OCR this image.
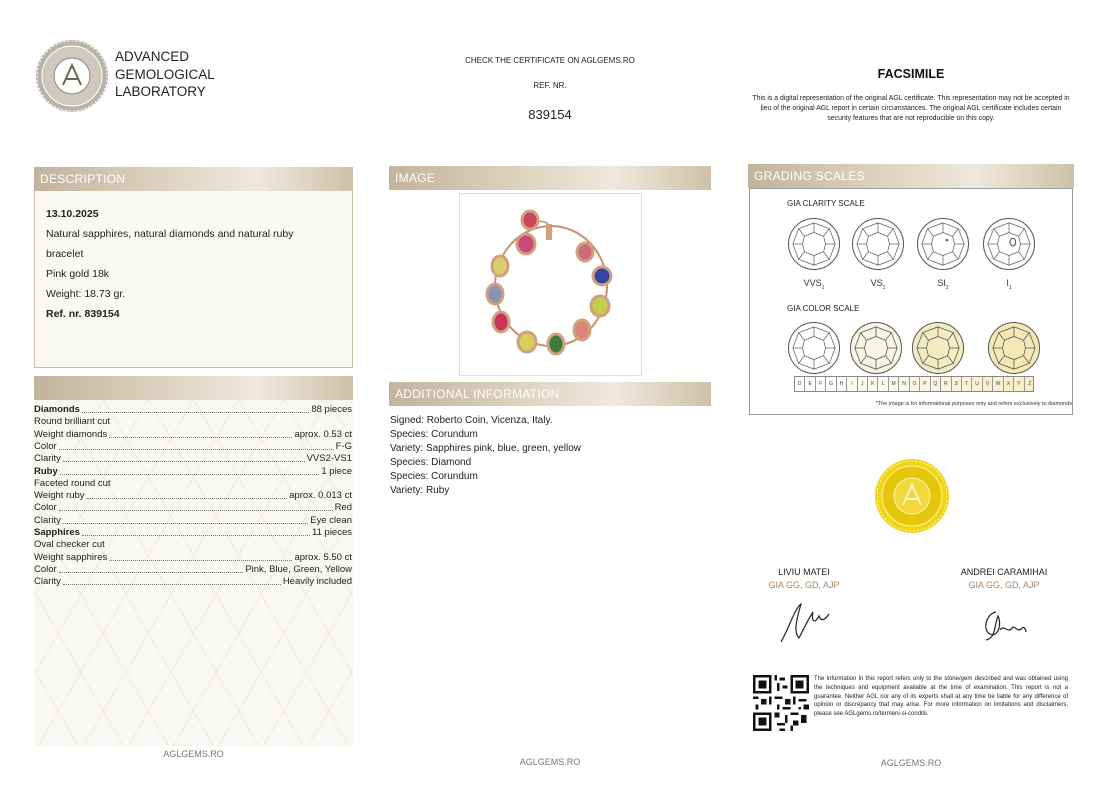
ADVANCED
GEMOLOGICAL
LABORATORY
CHECK THE CERTIFICATE ON AGLGEMS.RO
REF. NR.
839154
FACSIMILE
This is a digital representation of the original AGL certificate. This representation may not be accepted in lieu of the original AGL report in certain circumstances. The original AGL certificate includes certain security features that are not reproducible on this copy.
DESCRIPTION
13.10.2025
Natural sapphires, natural diamonds and natural ruby
bracelet
Pink gold 18k
Weight: 18.73 gr.
Ref. nr. 839154
Diamonds	88 pieces
Round brilliant cut
Weight diamonds	aprox. 0.53 ct
Color	F-G
Clarity	VVS2-VS1
Ruby	1 piece
Faceted round cut
Weight ruby	aprox. 0.013 ct
Color	Red
Clarity	Eye clean
Sapphires	11 pieces
Oval checker cut
Weight sapphires	aprox. 5.50 ct
Color	Pink, Blue, Green, Yellow
Clarity	Heavily included
AGLGEMS.RO
IMAGE
ADDITIONAL INFORMATION
Signed: Roberto Coin, Vicenza, Italy.
Species: Corundum
Variety: Sapphires pink, blue, green, yellow
Species: Diamond
Species: Corundum
Variety: Ruby
AGLGEMS.RO
GRADING SCALES
GIA CLARITY SCALE
$VVS_1$	$VS_1$	$SI_2$	$I_1$
GIA COLOR SCALE
D	E	F	G	H	I	J	K	L	M	N	O	P	Q	R	S	T	U	V	W	X	Y	Z
*The image is for informational purposes only and refers exclusively to diamonds
LIVIU MATEI
GIA GG, GD, AJP
ANDREI CARAMIHAI
GIA GG, GD, AJP
The information in this report refers only to the stone/gem described and was obtained using the techniques and equipment available at the time of examination. This report is not a guarantee. Neither AGL nor any of its experts shall at any time be liable for any difference of opinion or discrepancy that may arise. For more information on limitations and disclaimers, please see AGLgems.ro/termeni-si-conditii.
AGLGEMS.RO
